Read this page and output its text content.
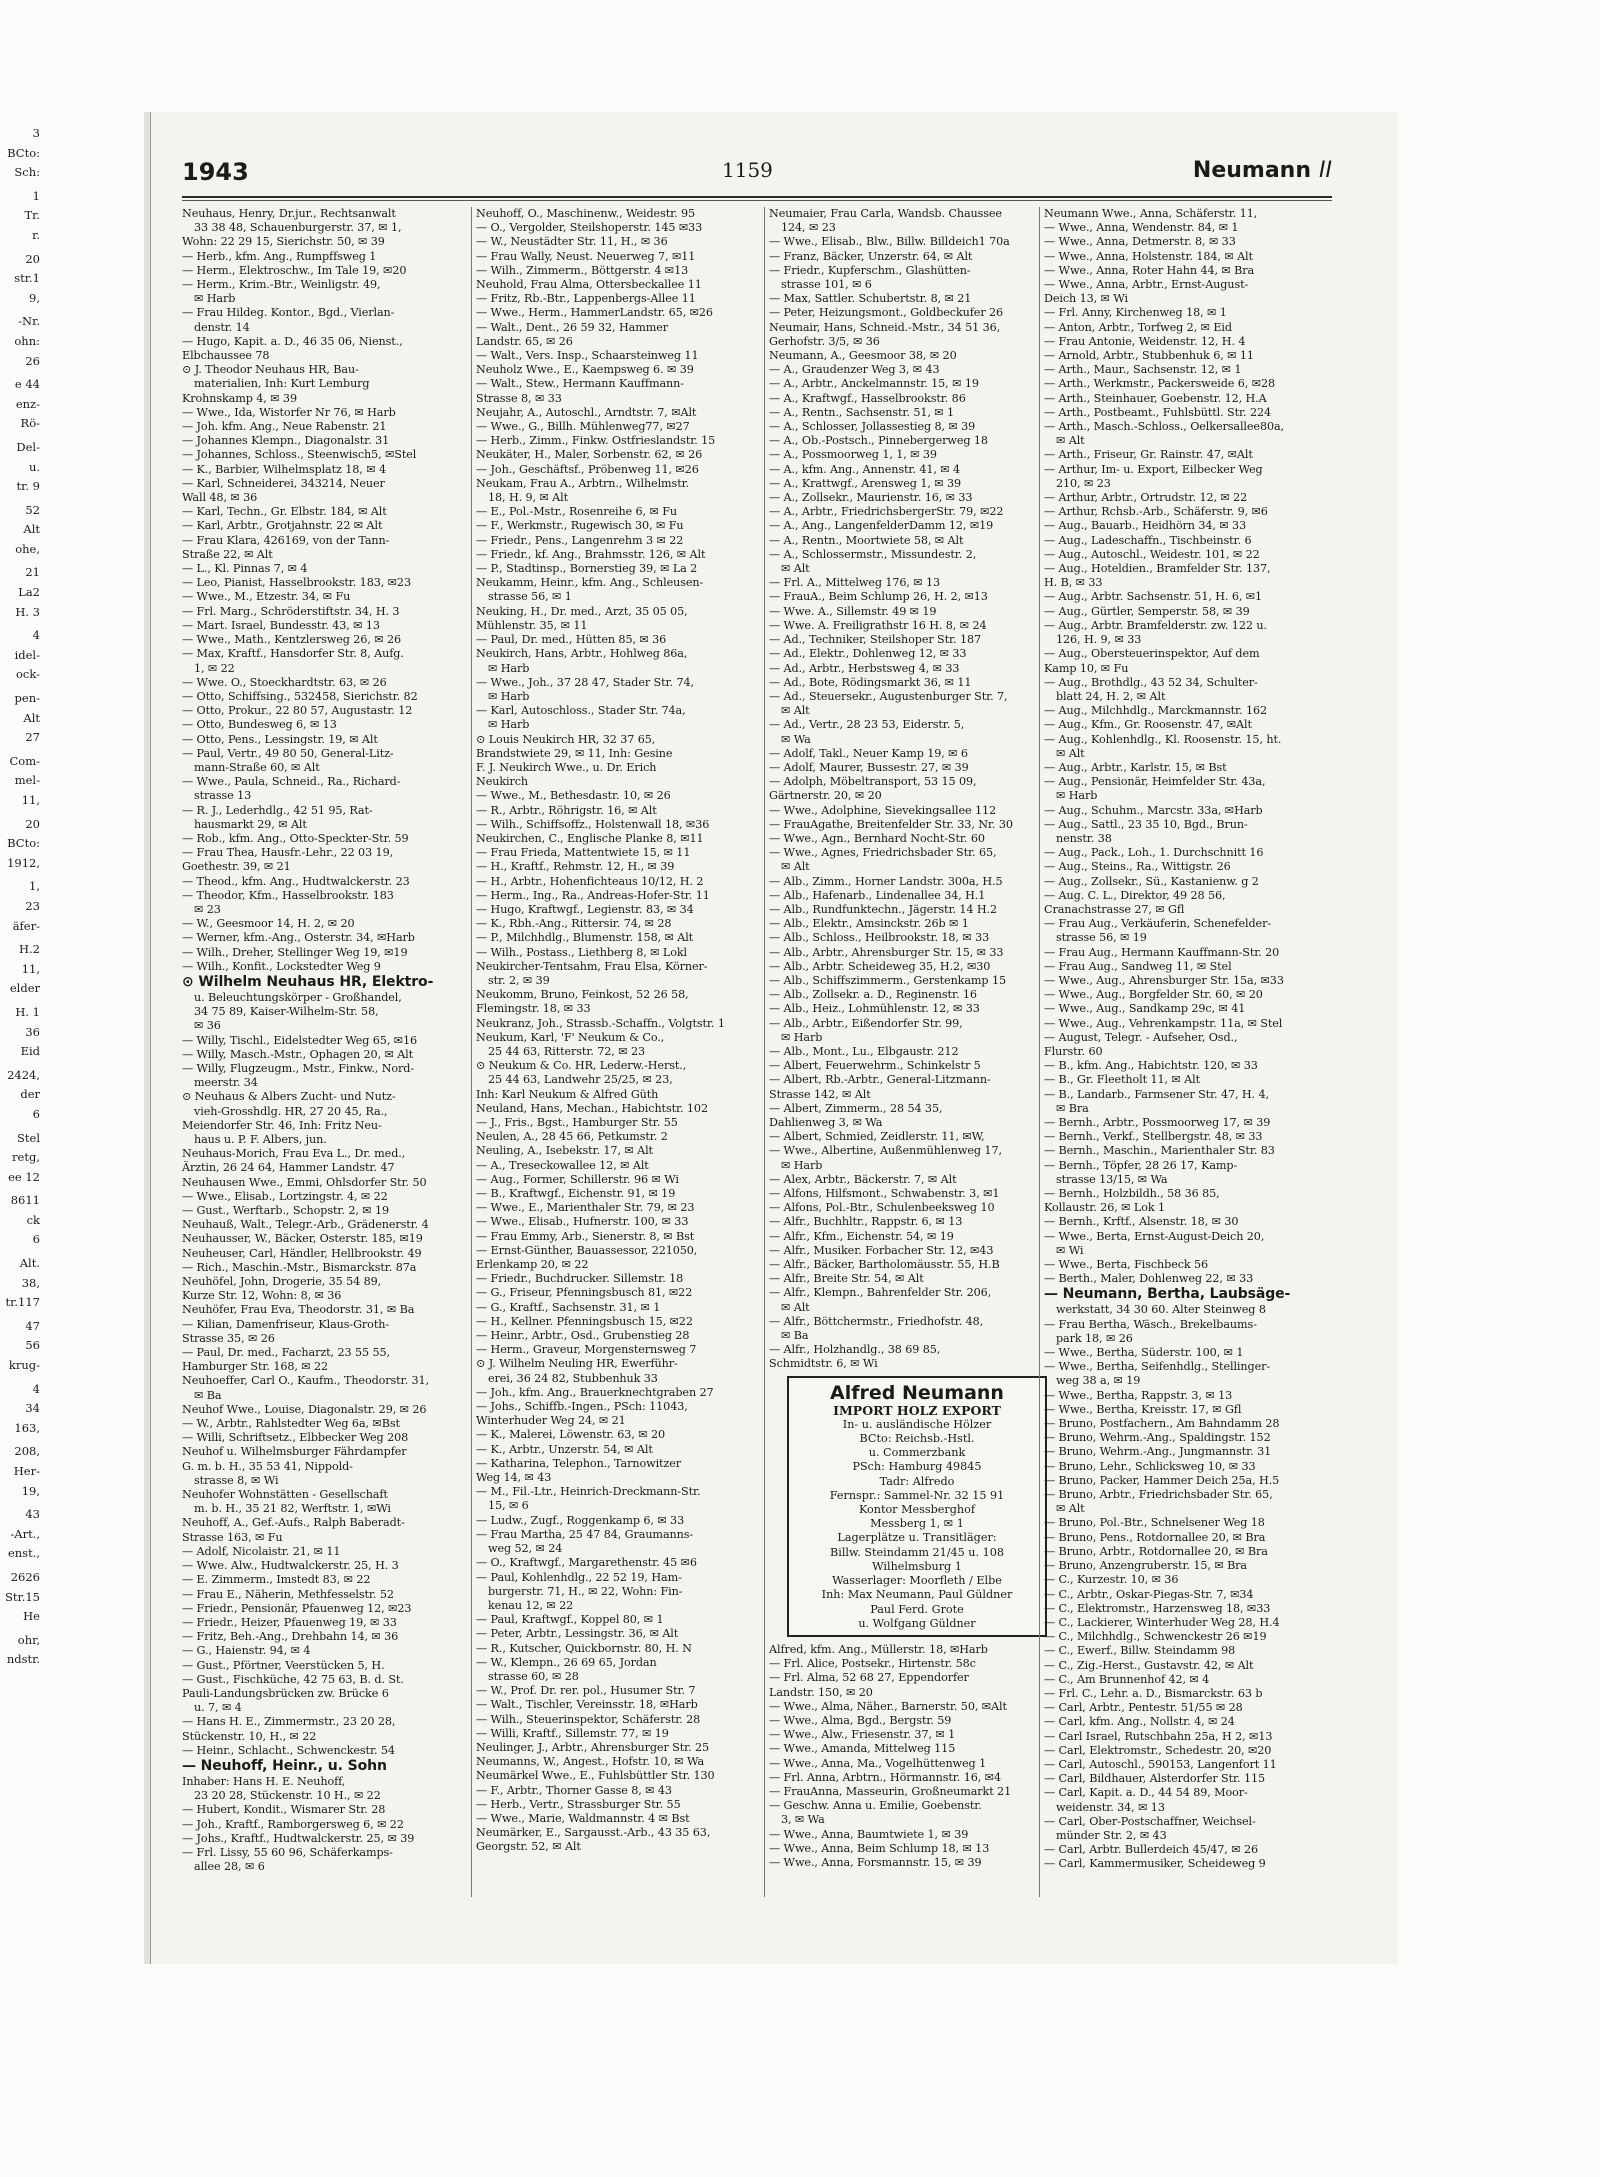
3
BCto:
Sch:
1
Tr.
r.
20
str.1
9,
-Nr.
ohn:
26
e 44
enz-
Rö-
Del-
u.
tr. 9
52
Alt
ohe,
21
La2
H. 3
4
idel-
ock-
pen-
Alt
27
Com-
mel-
11,
20
BCto:
1912,
1,
23
äfer-
H.2
11,
elder
H. 1
36
Eid
2424,
der
6
Stel
retg,
ee 12
8611
ck
6
Alt.
38,
tr.117
47
56
krug-
4
34
163,
208,
Her-
19,
43
-Art.,
enst.,
2626
Str.15
He
ohr,
ndstr.
1943	1159	Neumann II
Neuhaus, Henry, Dr.jur., Rechtsanwalt
33 38 48, Schauenburgerstr. 37, ✉ 1,
Wohn: 22 29 15, Sierichstr. 50, ✉ 39
— Herb., kfm. Ang., Rumpffsweg 1
— Herm., Elektroschw., Im Tale 19, ✉20
— Herm., Krim.-Btr., Weinligstr. 49,
✉ Harb
— Frau Hildeg. Kontor., Bgd., Vierlan-
denstr. 14
— Hugo, Kapit. a. D., 46 35 06, Nienst.,
Elbchaussee 78
⊙ J. Theodor Neuhaus HR, Bau-
materialien, Inh: Kurt Lemburg
Krohnskamp 4, ✉ 39
— Wwe., Ida, Wistorfer Nr 76, ✉ Harb
— Joh. kfm. Ang., Neue Rabenstr. 21
— Johannes Klempn., Diagonalstr. 31
— Johannes, Schloss., Steenwisch5, ✉Stel
— K., Barbier, Wilhelmsplatz 18, ✉ 4
— Karl, Schneiderei, 343214, Neuer
Wall 48, ✉ 36
— Karl, Techn., Gr. Elbstr. 184, ✉ Alt
— Karl, Arbtr., Grotjahnstr. 22 ✉ Alt
— Frau Klara, 426169, von der Tann-
Straße 22, ✉ Alt
— L., Kl. Pinnas 7, ✉ 4
— Leo, Pianist, Hasselbrookstr. 183, ✉23
— Wwe., M., Etzestr. 34, ✉ Fu
— Frl. Marg., Schröderstiftstr. 34, H. 3
— Mart. Israel, Bundesstr. 43, ✉ 13
— Wwe., Math., Kentzlersweg 26, ✉ 26
— Max, Kraftf., Hansdorfer Str. 8, Aufg.
1, ✉ 22
— Wwe. O., Stoeckhardtstr. 63, ✉ 26
— Otto, Schiffsing., 532458, Sierichstr. 82
— Otto, Prokur., 22 80 57, Augustastr. 12
— Otto, Bundesweg 6, ✉ 13
— Otto, Pens., Lessingstr. 19, ✉ Alt
— Paul, Vertr., 49 80 50, General-Litz-
mann-Straße 60, ✉ Alt
— Wwe., Paula, Schneid., Ra., Richard-
strasse 13
— R. J., Lederhdlg., 42 51 95, Rat-
hausmarkt 29, ✉ Alt
— Rob., kfm. Ang., Otto-Speckter-Str. 59
— Frau Thea, Hausfr.-Lehr., 22 03 19,
Goethestr. 39, ✉ 21
— Theod., kfm. Ang., Hudtwalckerstr. 23
— Theodor, Kfm., Hasselbrookstr. 183
✉ 23
— W., Geesmoor 14, H. 2, ✉ 20
— Werner, kfm.-Ang., Osterstr. 34, ✉Harb
— Wilh., Dreher, Stellinger Weg 19, ✉19
— Wilh., Konfit., Lockstedter Weg 9
⊙ Wilhelm Neuhaus HR, Elektro-
u. Beleuchtungskörper - Großhandel,
34 75 89, Kaiser-Wilhelm-Str. 58,
✉ 36
— Willy, Tischl., Eidelstedter Weg 65, ✉16
— Willy, Masch.-Mstr., Ophagen 20, ✉ Alt
— Willy, Flugzeugm., Mstr., Finkw., Nord-
meerstr. 34
⊙ Neuhaus & Albers Zucht- und Nutz-
vieh-Grosshdlg. HR, 27 20 45, Ra.,
Meiendorfer Str. 46, Inh: Fritz Neu-
haus u. P. F. Albers, jun.
Neuhaus-Morich, Frau Eva L., Dr. med.,
Ärztin, 26 24 64, Hammer Landstr. 47
Neuhausen Wwe., Emmi, Ohlsdorfer Str. 50
— Wwe., Elisab., Lortzingstr. 4, ✉ 22
— Gust., Werftarb., Schopstr. 2, ✉ 19
Neuhauß, Walt., Telegr.-Arb., Grädenerstr. 4
Neuhausser, W., Bäcker, Osterstr. 185, ✉19
Neuheuser, Carl, Händler, Hellbrookstr. 49
— Rich., Maschin.-Mstr., Bismarckstr. 87a
Neuhöfel, John, Drogerie, 35 54 89,
Kurze Str. 12, Wohn: 8, ✉ 36
Neuhöfer, Frau Eva, Theodorstr. 31, ✉ Ba
— Kilian, Damenfriseur, Klaus-Groth-
Strasse 35, ✉ 26
— Paul, Dr. med., Facharzt, 23 55 55,
Hamburger Str. 168, ✉ 22
Neuhoeffer, Carl O., Kaufm., Theodorstr. 31,
✉ Ba
Neuhof Wwe., Louise, Diagonalstr. 29, ✉ 26
— W., Arbtr., Rahlstedter Weg 6a, ✉Bst
— Willi, Schriftsetz., Elbbecker Weg 208
Neuhof u. Wilhelmsburger Fährdampfer
G. m. b. H., 35 53 41, Nippold-
strasse 8, ✉ Wi
Neuhofer Wohnstätten - Gesellschaft
m. b. H., 35 21 82, Werftstr. 1, ✉Wi
Neuhoff, A., Gef.-Aufs., Ralph Baberadt-
Strasse 163, ✉ Fu
— Adolf, Nicolaistr. 21, ✉ 11
— Wwe. Alw., Hudtwalckerstr. 25, H. 3
— E. Zimmerm., Imstedt 83, ✉ 22
— Frau E., Näherin, Methfesselstr. 52
— Friedr., Pensionär, Pfauenweg 12, ✉23
— Friedr., Heizer, Pfauenweg 19, ✉ 33
— Fritz, Beh.-Ang., Drehbahn 14, ✉ 36
— G., Haienstr. 94, ✉ 4
— Gust., Pförtner, Veerstücken 5, H.
— Gust., Fischküche, 42 75 63, B. d. St.
Pauli-Landungsbrücken zw. Brücke 6
u. 7, ✉ 4
— Hans H. E., Zimmermstr., 23 20 28,
Stückenstr. 10, H., ✉ 22
— Heinr., Schlacht., Schwenckestr. 54
— Neuhoff, Heinr., u. Sohn
Inhaber: Hans H. E. Neuhoff,
23 20 28, Stückenstr. 10 H., ✉ 22
— Hubert, Kondit., Wismarer Str. 28
— Joh., Kraftf., Ramborgersweg 6, ✉ 22
— Johs., Kraftf., Hudtwalckerstr. 25, ✉ 39
— Frl. Lissy, 55 60 96, Schäferkamps-
allee 28, ✉ 6
Neuhoff, O., Maschinenw., Weidestr. 95
— O., Vergolder, Steilshoperstr. 145 ✉33
— W., Neustädter Str. 11, H., ✉ 36
— Frau Wally, Neust. Neuerweg 7, ✉11
— Wilh., Zimmerm., Böttgerstr. 4 ✉13
Neuhold, Frau Alma, Ottersbeckallee 11
— Fritz, Rb.-Btr., Lappenbergs-Allee 11
— Wwe., Herm., HammerLandstr. 65, ✉26
— Walt., Dent., 26 59 32, Hammer
Landstr. 65, ✉ 26
— Walt., Vers. Insp., Schaarsteinweg 11
Neuholz Wwe., E., Kaempsweg 6. ✉ 39
— Walt., Stew., Hermann Kauffmann-
Strasse 8, ✉ 33
Neujahr, A., Autoschl., Arndtstr. 7, ✉Alt
— Wwe., G., Billh. Mühlenweg77, ✉27
— Herb., Zimm., Finkw. Ostfrieslandstr. 15
Neukäter, H., Maler, Sorbenstr. 62, ✉ 26
— Joh., Geschäftsf., Pröbenweg 11, ✉26
Neukam, Frau A., Arbtrn., Wilhelmstr.
18, H. 9, ✉ Alt
— E., Pol.-Mstr., Rosenreihe 6, ✉ Fu
— F., Werkmstr., Rugewisch 30, ✉ Fu
— Friedr., Pens., Langenrehm 3 ✉ 22
— Friedr., kf. Ang., Brahmsstr. 126, ✉ Alt
— P., Stadtinsp., Bornerstieg 39, ✉ La 2
Neukamm, Heinr., kfm. Ang., Schleusen-
strasse 56, ✉ 1
Neuking, H., Dr. med., Arzt, 35 05 05,
Mühlenstr. 35, ✉ 11
— Paul, Dr. med., Hütten 85, ✉ 36
Neukirch, Hans, Arbtr., Hohlweg 86a,
✉ Harb
— Wwe., Joh., 37 28 47, Stader Str. 74,
✉ Harb
— Karl, Autoschloss., Stader Str. 74a,
✉ Harb
⊙ Louis Neukirch HR, 32 37 65,
Brandstwiete 29, ✉ 11, Inh: Gesine
F. J. Neukirch Wwe., u. Dr. Erich
Neukirch
— Wwe., M., Bethesdastr. 10, ✉ 26
— R., Arbtr., Röhrigstr. 16, ✉ Alt
— Wilh., Schiffsoffz., Holstenwall 18, ✉36
Neukirchen, C., Englische Planke 8, ✉11
— Frau Frieda, Mattentwiete 15, ✉ 11
— H., Kraftf., Rehmstr. 12, H., ✉ 39
— H., Arbtr., Hohenfichteaus 10/12, H. 2
— Herm., Ing., Ra., Andreas-Hofer-Str. 11
— Hugo, Kraftwgf., Legienstr. 83, ✉ 34
— K., Rbh.-Ang., Rittersir. 74, ✉ 28
— P., Milchhdlg., Blumenstr. 158, ✉ Alt
— Wilh., Postass., Liethberg 8, ✉ Lokl
Neukircher-Tentsahm, Frau Elsa, Körner-
str. 2, ✉ 39
Neukomm, Bruno, Feinkost, 52 26 58,
Flemingstr. 18, ✉ 33
Neukranz, Joh., Strassb.-Schaffn., Volgtstr. 1
Neukum, Karl, 'F' Neukum & Co.,
25 44 63, Ritterstr. 72, ✉ 23
⊙ Neukum & Co. HR, Lederw.-Herst.,
25 44 63, Landwehr 25/25, ✉ 23,
Inh: Karl Neukum & Alfred Güth
Neuland, Hans, Mechan., Habichtstr. 102
— J., Fris., Bgst., Hamburger Str. 55
Neulen, A., 28 45 66, Petkumstr. 2
Neuling, A., Isebekstr. 17, ✉ Alt
— A., Treseckowallee 12, ✉ Alt
— Aug., Former, Schillerstr. 96 ✉ Wi
— B., Kraftwgf., Eichenstr. 91, ✉ 19
— Wwe., E., Marienthaler Str. 79, ✉ 23
— Wwe., Elisab., Hufnerstr. 100, ✉ 33
— Frau Emmy, Arb., Sienerstr. 8, ✉ Bst
— Ernst-Günther, Bauassessor, 221050,
Erlenkamp 20, ✉ 22
— Friedr., Buchdrucker. Sillemstr. 18
— G., Friseur, Pfenningsbusch 81, ✉22
— G., Kraftf., Sachsenstr. 31, ✉ 1
— H., Kellner. Pfenningsbusch 15, ✉22
— Heinr., Arbtr., Osd., Grubenstieg 28
— Herm., Graveur, Morgensternsweg 7
⊙ J. Wilhelm Neuling HR, Ewerführ-
erei, 36 24 82, Stubbenhuk 33
— Joh., kfm. Ang., Brauerknechtgraben 27
— Johs., Schiffb.-Ingen., PSch: 11043,
Winterhuder Weg 24, ✉ 21
— K., Malerei, Löwenstr. 63, ✉ 20
— K., Arbtr., Unzerstr. 54, ✉ Alt
— Katharina, Telephon., Tarnowitzer
Weg 14, ✉ 43
— M., Fil.-Ltr., Heinrich-Dreckmann-Str.
15, ✉ 6
— Ludw., Zugf., Roggenkamp 6, ✉ 33
— Frau Martha, 25 47 84, Graumanns-
weg 52, ✉ 24
— O., Kraftwgf., Margarethenstr. 45 ✉6
— Paul, Kohlenhdlg., 22 52 19, Ham-
burgerstr. 71, H., ✉ 22, Wohn: Fin-
kenau 12, ✉ 22
— Paul, Kraftwgf., Koppel 80, ✉ 1
— Peter, Arbtr., Lessingstr. 36, ✉ Alt
— R., Kutscher, Quickbornstr. 80, H. N
— W., Klempn., 26 69 65, Jordan
strasse 60, ✉ 28
— W., Prof. Dr. rer. pol., Husumer Str. 7
— Walt., Tischler, Vereinsstr. 18, ✉Harb
— Wilh., Steuerinspektor, Schäferstr. 28
— Willi, Kraftf., Sillemstr. 77, ✉ 19
Neulinger, J., Arbtr., Ahrensburger Str. 25
Neumanns, W., Angest., Hofstr. 10, ✉ Wa
Neumärkel Wwe., E., Fuhlsbüttler Str. 130
— F., Arbtr., Thorner Gasse 8, ✉ 43
— Herb., Vertr., Strassburger Str. 55
— Wwe., Marie, Waldmannstr. 4 ✉ Bst
Neumärker, E., Sargausst.-Arb., 43 35 63,
Georgstr. 52, ✉ Alt
Neumaier, Frau Carla, Wandsb. Chaussee
124, ✉ 23
— Wwe., Elisab., Blw., Billw. Billdeich1 70a
— Franz, Bäcker, Unzerstr. 64, ✉ Alt
— Friedr., Kupferschm., Glashütten-
strasse 101, ✉ 6
— Max, Sattler. Schubertstr. 8, ✉ 21
— Peter, Heizungsmont., Goldbeckufer 26
Neumair, Hans, Schneid.-Mstr., 34 51 36,
Gerhofstr. 3/5, ✉ 36
Neumann, A., Geesmoor 38, ✉ 20
— A., Graudenzer Weg 3, ✉ 43
— A., Arbtr., Anckelmannstr. 15, ✉ 19
— A., Kraftwgf., Hasselbrookstr. 86
— A., Rentn., Sachsenstr. 51, ✉ 1
— A., Schlosser, Jollassestieg 8, ✉ 39
— A., Ob.-Postsch., Pinnebergerweg 18
— A., Possmoorweg 1, 1, ✉ 39
— A., kfm. Ang., Annenstr. 41, ✉ 4
— A., Krattwgf., Arensweg 1, ✉ 39
— A., Zollsekr., Maurienstr. 16, ✉ 33
— A., Arbtr., FriedrichsbergerStr. 79, ✉22
— A., Ang., LangenfelderDamm 12, ✉19
— A., Rentn., Moortwiete 58, ✉ Alt
— A., Schlossermstr., Missundestr. 2,
✉ Alt
— Frl. A., Mittelweg 176, ✉ 13
— FrauA., Beim Schlump 26, H. 2, ✉13
— Wwe. A., Sillemstr. 49 ✉ 19
— Wwe. A. Freiligrathstr 16 H. 8, ✉ 24
— Ad., Techniker, Steilshoper Str. 187
— Ad., Elektr., Dohlenweg 12, ✉ 33
— Ad., Arbtr., Herbstsweg 4, ✉ 33
— Ad., Bote, Rödingsmarkt 36, ✉ 11
— Ad., Steuersekr., Augustenburger Str. 7,
✉ Alt
— Ad., Vertr., 28 23 53, Eiderstr. 5,
✉ Wa
— Adolf, Takl., Neuer Kamp 19, ✉ 6
— Adolf, Maurer, Bussestr. 27, ✉ 39
— Adolph, Möbeltransport, 53 15 09,
Gärtnerstr. 20, ✉ 20
— Wwe., Adolphine, Sievekingsallee 112
— FrauAgathe, Breitenfelder Str. 33, Nr. 30
— Wwe., Agn., Bernhard Nocht-Str. 60
— Wwe., Agnes, Friedrichsbader Str. 65,
✉ Alt
— Alb., Zimm., Horner Landstr. 300a, H.5
— Alb., Hafenarb., Lindenallee 34, H.1
— Alb., Rundfunktechn., Jägerstr. 14 H.2
— Alb., Elektr., Amsinckstr. 26b ✉ 1
— Alb., Schloss., Heilbrookstr. 18, ✉ 33
— Alb., Arbtr., Ahrensburger Str. 15, ✉ 33
— Alb., Arbtr. Scheideweg 35, H.2, ✉30
— Alb., Schiffszimmerm., Gerstenkamp 15
— Alb., Zollsekr. a. D., Reginenstr. 16
— Alb., Heiz., Lohmühlenstr. 12, ✉ 33
— Alb., Arbtr., Eißendorfer Str. 99,
✉ Harb
— Alb., Mont., Lu., Elbgaustr. 212
— Albert, Feuerwehrm., Schinkelstr 5
— Albert, Rb.-Arbtr., General-Litzmann-
Strasse 142, ✉ Alt
— Albert, Zimmerm., 28 54 35,
Dahlienweg 3, ✉ Wa
— Albert, Schmied, Zeidlerstr. 11, ✉W,
— Wwe., Albertine, Außenmühlenweg 17,
✉ Harb
— Alex, Arbtr., Bäckerstr. 7, ✉ Alt
— Alfons, Hilfsmont., Schwabenstr. 3, ✉1
— Alfons, Pol.-Btr., Schulenbeeksweg 10
— Alfr., Buchhltr., Rappstr. 6, ✉ 13
— Alfr., Kfm., Eichenstr. 54, ✉ 19
— Alfr., Musiker. Forbacher Str. 12, ✉43
— Alfr., Bäcker, Bartholomäusstr. 55, H.B
— Alfr., Breite Str. 54, ✉ Alt
— Alfr., Klempn., Bahrenfelder Str. 206,
✉ Alt
— Alfr., Böttchermstr., Friedhofstr. 48,
✉ Ba
— Alfr., Holzhandlg., 38 69 85,
Schmidtstr. 6, ✉ Wi
Alfred Neumann
IMPORT HOLZ EXPORT
In- u. ausländische Hölzer
BCto: Reichsb.-Hstl.
u. Commerzbank
PSch: Hamburg 49845
Tadr: Alfredo
Fernspr.: Sammel-Nr. 32 15 91
Kontor Messberghof
Messberg 1, ✉ 1
Lagerplätze u. Transitläger:
Billw. Steindamm 21/45 u. 108
Wilhelmsburg 1
Wasserlager: Moorfleth / Elbe
Inh: Max Neumann, Paul Güldner
Paul Ferd. Grote
u. Wolfgang Güldner
Alfred, kfm. Ang., Müllerstr. 18, ✉Harb
— Frl. Alice, Postsekr., Hirtenstr. 58c
— Frl. Alma, 52 68 27, Eppendorfer
Landstr. 150, ✉ 20
— Wwe., Alma, Näher., Barnerstr. 50, ✉Alt
— Wwe., Alma, Bgd., Bergstr. 59
— Wwe., Alw., Friesenstr. 37, ✉ 1
— Wwe., Amanda, Mittelweg 115
— Wwe., Anna, Ma., Vogelhüttenweg 1
— Frl. Anna, Arbtrn., Hörmannstr. 16, ✉4
— FrauAnna, Masseurin, Großneumarkt 21
— Geschw. Anna u. Emilie, Goebenstr.
3, ✉ Wa
— Wwe., Anna, Baumtwiete 1, ✉ 39
— Wwe., Anna, Beim Schlump 18, ✉ 13
— Wwe., Anna, Forsmannstr. 15, ✉ 39
Neumann Wwe., Anna, Schäferstr. 11,
— Wwe., Anna, Wendenstr. 84, ✉ 1
— Wwe., Anna, Detmerstr. 8, ✉ 33
— Wwe., Anna, Holstenstr. 184, ✉ Alt
— Wwe., Anna, Roter Hahn 44, ✉ Bra
— Wwe., Anna, Arbtr., Ernst-August-
Deich 13, ✉ Wi
— Frl. Anny, Kirchenweg 18, ✉ 1
— Anton, Arbtr., Torfweg 2, ✉ Eid
— Frau Antonie, Weidenstr. 12, H. 4
— Arnold, Arbtr., Stubbenhuk 6, ✉ 11
— Arth., Maur., Sachsenstr. 12, ✉ 1
— Arth., Werkmstr., Packersweide 6, ✉28
— Arth., Steinhauer, Goebenstr. 12, H.A
— Arth., Postbeamt., Fuhlsbüttl. Str. 224
— Arth., Masch.-Schloss., Oelkersallee80a,
✉ Alt
— Arth., Friseur, Gr. Rainstr. 47, ✉Alt
— Arthur, Im- u. Export, Eilbecker Weg
210, ✉ 23
— Arthur, Arbtr., Ortrudstr. 12, ✉ 22
— Arthur, Rchsb.-Arb., Schäferstr. 9, ✉6
— Aug., Bauarb., Heidhörn 34, ✉ 33
— Aug., Ladeschaffn., Tischbeinstr. 6
— Aug., Autoschl., Weidestr. 101, ✉ 22
— Aug., Hoteldien., Bramfelder Str. 137,
H. B, ✉ 33
— Aug., Arbtr. Sachsenstr. 51, H. 6, ✉1
— Aug., Gürtler, Semperstr. 58, ✉ 39
— Aug., Arbtr. Bramfelderstr. zw. 122 u.
126, H. 9, ✉ 33
— Aug., Obersteuerinspektor, Auf dem
Kamp 10, ✉ Fu
— Aug., Brothdlg., 43 52 34, Schulter-
blatt 24, H. 2, ✉ Alt
— Aug., Milchhdlg., Marckmannstr. 162
— Aug., Kfm., Gr. Roosenstr. 47, ✉Alt
— Aug., Kohlenhdlg., Kl. Roosenstr. 15, ht.
✉ Alt
— Aug., Arbtr., Karlstr. 15, ✉ Bst
— Aug., Pensionär, Heimfelder Str. 43a,
✉ Harb
— Aug., Schuhm., Marcstr. 33a, ✉Harb
— Aug., Sattl., 23 35 10, Bgd., Brun-
nenstr. 38
— Aug., Pack., Loh., 1. Durchschnitt 16
— Aug., Steins., Ra., Wittigstr. 26
— Aug., Zollsekr., Sü., Kastanienw. g 2
— Aug. C. L., Direktor, 49 28 56,
Cranachstrasse 27, ✉ Gfl
— Frau Aug., Verkäuferin, Schenefelder-
strasse 56, ✉ 19
— Frau Aug., Hermann Kauffmann-Str. 20
— Frau Aug., Sandweg 11, ✉ Stel
— Wwe., Aug., Ahrensburger Str. 15a, ✉33
— Wwe., Aug., Borgfelder Str. 60, ✉ 20
— Wwe., Aug., Sandkamp 29c, ✉ 41
— Wwe., Aug., Vehrenkampstr. 11a, ✉ Stel
— August, Telegr. - Aufseher, Osd.,
Flurstr. 60
— B., kfm. Ang., Habichtstr. 120, ✉ 33
— B., Gr. Fleetholt 11, ✉ Alt
— B., Landarb., Farmsener Str. 47, H. 4,
✉ Bra
— Bernh., Arbtr., Possmoorweg 17, ✉ 39
— Bernh., Verkf., Stellbergstr. 48, ✉ 33
— Bernh., Maschin., Marienthaler Str. 83
— Bernh., Töpfer, 28 26 17, Kamp-
strasse 13/15, ✉ Wa
— Bernh., Holzbildh., 58 36 85,
Kollaustr. 26, ✉ Lok 1
— Bernh., Krftf., Alsenstr. 18, ✉ 30
— Wwe., Berta, Ernst-August-Deich 20,
✉ Wi
— Wwe., Berta, Fischbeck 56
— Berth., Maler, Dohlenweg 22, ✉ 33
— Neumann, Bertha, Laubsäge-
werkstatt, 34 30 60. Alter Steinweg 8
— Frau Bertha, Wäsch., Brekelbaums-
park 18, ✉ 26
— Wwe., Bertha, Süderstr. 100, ✉ 1
— Wwe., Bertha, Seifenhdlg., Stellinger-
weg 38 a, ✉ 19
— Wwe., Bertha, Rappstr. 3, ✉ 13
— Wwe., Bertha, Kreisstr. 17, ✉ Gfl
— Bruno, Postfachern., Am Bahndamm 28
— Bruno, Wehrm.-Ang., Spaldingstr. 152
— Bruno, Wehrm.-Ang., Jungmannstr. 31
— Bruno, Lehr., Schlicksweg 10, ✉ 33
— Bruno, Packer, Hammer Deich 25a, H.5
— Bruno, Arbtr., Friedrichsbader Str. 65,
✉ Alt
— Bruno, Pol.-Btr., Schnelsener Weg 18
— Bruno, Pens., Rotdornallee 20, ✉ Bra
— Bruno, Arbtr., Rotdornallee 20, ✉ Bra
— Bruno, Anzengruberstr. 15, ✉ Bra
— C., Kurzestr. 10, ✉ 36
— C., Arbtr., Oskar-Piegas-Str. 7, ✉34
— C., Elektromstr., Harzensweg 18, ✉33
— C., Lackierer, Winterhuder Weg 28, H.4
— C., Milchhdlg., Schwenckestr 26 ✉19
— C., Ewerf., Billw. Steindamm 98
— C., Zig.-Herst., Gustavstr. 42, ✉ Alt
— C., Am Brunnenhof 42, ✉ 4
— Frl. C., Lehr. a. D., Bismarckstr. 63 b
— Carl, Arbtr., Pentestr. 51/55 ✉ 28
— Carl, kfm. Ang., Nollstr. 4, ✉ 24
— Carl Israel, Rutschbahn 25a, H 2, ✉13
— Carl, Elektromstr., Schedestr. 20, ✉20
— Carl, Autoschl., 590153, Langenfort 11
— Carl, Bildhauer, Alsterdorfer Str. 115
— Carl, Kapit. a. D., 44 54 89, Moor-
weidenstr. 34, ✉ 13
— Carl, Ober-Postschaffner, Weichsel-
münder Str. 2, ✉ 43
— Carl, Arbtr. Bullerdeich 45/47, ✉ 26
— Carl, Kammermusiker, Scheideweg 9
